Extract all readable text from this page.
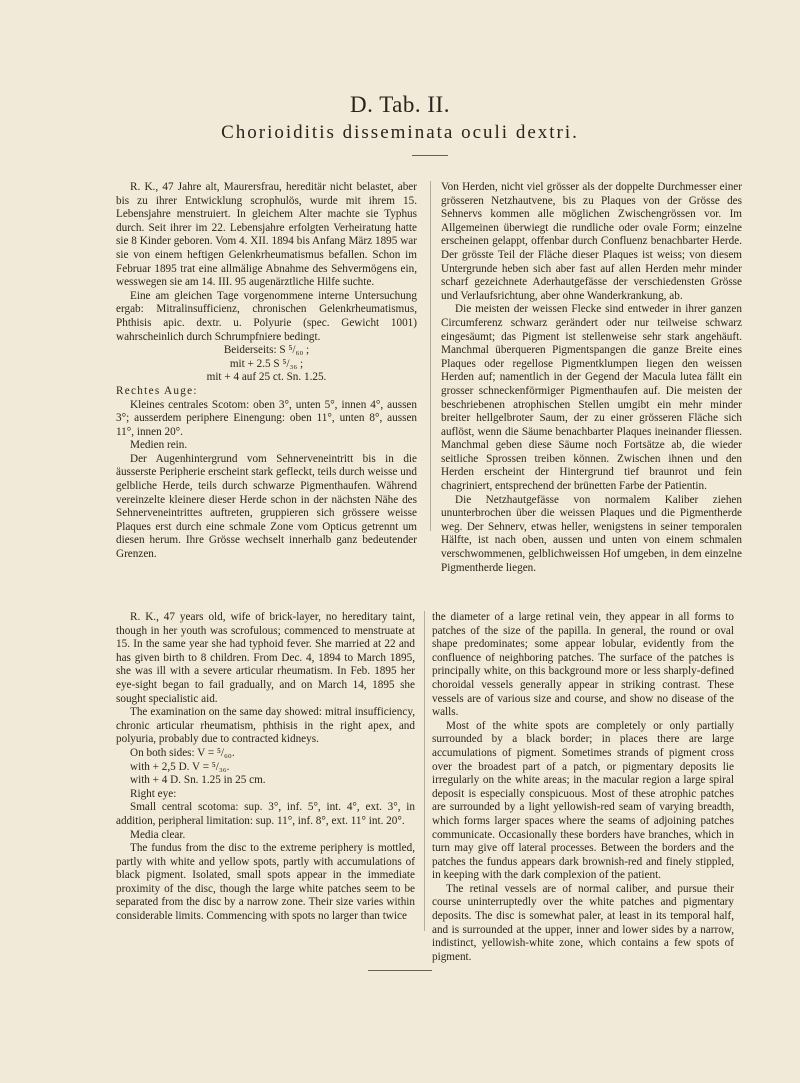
D. Tab. II.
Chorioiditis disseminata oculi dextri.

R. K., 47 Jahre alt, Maurersfrau, hereditär nicht belastet, aber bis zu ihrer Entwicklung scrophulös, wurde mit ihrem 15. Lebensjahre menstruiert. In gleichem Alter machte sie Typhus durch. Seit ihrer im 22. Lebensjahre erfolgten Verheiratung hatte sie 8 Kinder geboren. Vom 4. XII. 1894 bis Anfang März 1895 war sie von einem heftigen Gelenkrheumatismus befallen. Schon im Februar 1895 trat eine allmälige Abnahme des Sehvermögens ein, wesswegen sie am 14. III. 95 augenärztliche Hilfe suchte.

Eine am gleichen Tage vorgenommene interne Untersuchung ergab: Mitralinsufficienz, chronischen Gelenkrheumatismus, Phthisis apic. dextr. u. Polyurie (spec. Gewicht 1001) wahrscheinlich durch Schrumpfniere bedingt.

Beiderseits: S ⁵/₆₀ ;

mit + 2.5 S ⁵/₃₆ ;

mit + 4 auf 25 ct. Sn. 1.25.

Rechtes Auge:

Kleines centrales Scotom: oben 3°, unten 5°, innen 4°, aussen 3°; ausserdem periphere Einengung: oben 11°, unten 8°, aussen 11°, innen 20°.

Medien rein.

Der Augenhintergrund vom Sehnerveneintritt bis in die äusserste Peripherie erscheint stark gefleckt, teils durch weisse und gelbliche Herde, teils durch schwarze Pigmenthaufen. Während vereinzelte kleinere dieser Herde schon in der nächsten Nähe des Sehnerveneintrittes auftreten, gruppieren sich grössere weisse Plaques erst durch eine schmale Zone vom Opticus getrennt um diesen herum. Ihre Grösse wechselt innerhalb ganz bedeutender Grenzen.

Von Herden, nicht viel grösser als der doppelte Durchmesser einer grösseren Netzhautvene, bis zu Plaques von der Grösse des Sehnervs kommen alle möglichen Zwischengrössen vor. Im Allgemeinen überwiegt die rundliche oder ovale Form; einzelne erscheinen gelappt, offenbar durch Confluenz benachbarter Herde. Der grösste Teil der Fläche dieser Plaques ist weiss; von diesem Untergrunde heben sich aber fast auf allen Herden mehr minder scharf gezeichnete Aderhautgefässe der verschiedensten Grösse und Verlaufsrichtung, aber ohne Wanderkrankung, ab.

Die meisten der weissen Flecke sind entweder in ihrer ganzen Circumferenz schwarz gerändert oder nur teilweise schwarz eingesäumt; das Pigment ist stellenweise sehr stark angehäuft. Manchmal überqueren Pigmentspangen die ganze Breite eines Plaques oder regellose Pigmentklumpen liegen den weissen Herden auf; namentlich in der Gegend der Macula lutea fällt ein grosser schneckenförmiger Pigmenthaufen auf. Die meisten der beschriebenen atrophischen Stellen umgibt ein mehr minder breiter hellgelbroter Saum, der zu einer grösseren Fläche sich auflöst, wenn die Säume benachbarter Plaques ineinander fliessen. Manchmal geben diese Säume noch Fortsätze ab, die wieder seitliche Sprossen treiben können. Zwischen ihnen und den Herden erscheint der Hintergrund tief braunrot und fein chagriniert, entsprechend der brünetten Farbe der Patientin.

Die Netzhautgefässe von normalem Kaliber ziehen ununterbrochen über die weissen Plaques und die Pigmentherde weg. Der Sehnerv, etwas heller, wenigstens in seiner temporalen Hälfte, ist nach oben, aussen und unten von einem schmalen verschwommenen, gelblichweissen Hof umgeben, in dem einzelne Pigmentherde liegen.

R. K., 47 years old, wife of brick-layer, no hereditary taint, though in her youth was scrofulous; commenced to menstruate at 15. In the same year she had typhoid fever. She married at 22 and has given birth to 8 children. From Dec. 4, 1894 to March 1895, she was ill with a severe articular rheumatism. In Feb. 1895 her eye-sight began to fail gradually, and on March 14, 1895 she sought specialistic aid.

The examination on the same day showed: mitral insufficiency, chronic articular rheumatism, phthisis in the right apex, and polyuria, probably due to contracted kidneys.

On both sides: V = ⁵/₆₀.

with + 2,5 D. V = ⁵/₃₆.

with + 4 D. Sn. 1.25 in 25 cm.

Right eye:

Small central scotoma: sup. 3°, inf. 5°, int. 4°, ext. 3°, in addition, peripheral limitation: sup. 11°, inf. 8°, ext. 11° int. 20°.

Media clear.

The fundus from the disc to the extreme periphery is mottled, partly with white and yellow spots, partly with accumulations of black pigment. Isolated, small spots appear in the immediate proximity of the disc, though the large white patches seem to be separated from the disc by a narrow zone. Their size varies within considerable limits. Commencing with spots no larger than twice

the diameter of a large retinal vein, they appear in all forms to patches of the size of the papilla. In general, the round or oval shape predominates; some appear lobular, evidently from the confluence of neighboring patches. The surface of the patches is principally white, on this background more or less sharply-defined choroidal vessels generally appear in striking contrast. These vessels are of various size and course, and show no disease of the walls.

Most of the white spots are completely or only partially surrounded by a black border; in places there are large accumulations of pigment. Sometimes strands of pigment cross over the broadest part of a patch, or pigmentary deposits lie irregularly on the white areas; in the macular region a large spiral deposit is especially conspicuous. Most of these atrophic patches are surrounded by a light yellowish-red seam of varying breadth, which forms larger spaces where the seams of adjoining patches communicate. Occasionally these borders have branches, which in turn may give off lateral processes. Between the borders and the patches the fundus appears dark brownish-red and finely stippled, in keeping with the dark complexion of the patient.

The retinal vessels are of normal caliber, and pursue their course uninterruptedly over the white patches and pigmentary deposits. The disc is somewhat paler, at least in its temporal half, and is surrounded at the upper, inner and lower sides by a narrow, indistinct, yellowish-white zone, which contains a few spots of pigment.
